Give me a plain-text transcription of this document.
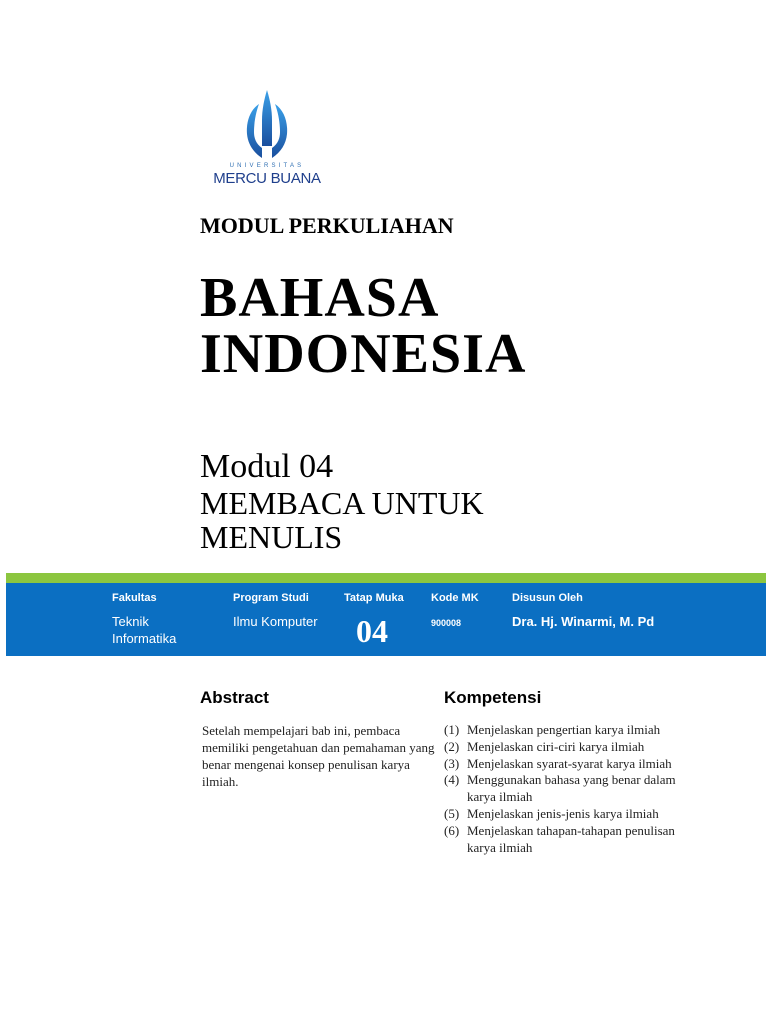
UNIVERSITAS
MERCU BUANA
MODUL PERKULIAHAN
BAHASA
INDONESIA
Modul 04
MEMBACA UNTUK
MENULIS
Fakultas
Teknik
Informatika
Program Studi
Ilmu Komputer
Tatap Muka
04
Kode MK
900008
Disusun Oleh
Dra. Hj. Winarmi, M. Pd
Abstract
Setelah mempelajari bab ini, pembaca memiliki pengetahuan dan pemahaman yang benar mengenai konsep penulisan karya ilmiah.
Kompetensi
(1) Menjelaskan pengertian karya ilmiah
(2) Menjelaskan ciri-ciri karya ilmiah
(3) Menjelaskan syarat-syarat karya ilmiah
(4) Menggunakan bahasa yang benar dalam karya ilmiah
(5) Menjelaskan jenis-jenis karya ilmiah
(6) Menjelaskan tahapan-tahapan penulisan karya ilmiah
